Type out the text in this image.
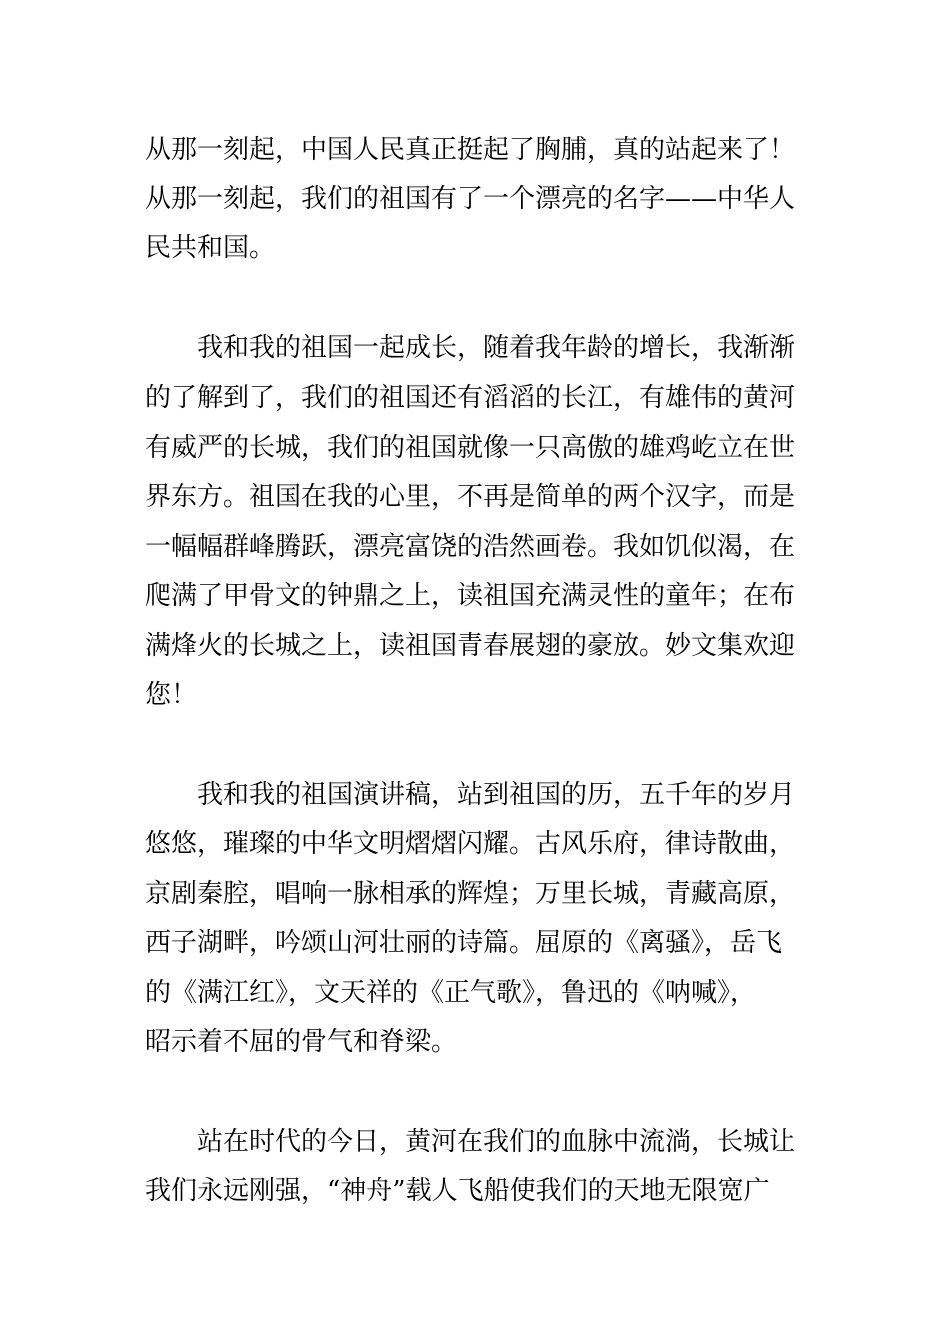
从那一刻起，中国人民真正挺起了胸脯，真的站起来了！

从那一刻起，我们的祖国有了一个漂亮的名字——中华人

民共和国。

我和我的祖国一起成长，随着我年龄的增长，我渐渐

的了解到了，我们的祖国还有滔滔的长江，有雄伟的黄河

有威严的长城，我们的祖国就像一只高傲的雄鸡屹立在世

界东方。祖国在我的心里，不再是简单的两个汉字，而是

一幅幅群峰腾跃，漂亮富饶的浩然画卷。我如饥似渴，在

爬满了甲骨文的钟鼎之上，读祖国充满灵性的童年；在布

满烽火的长城之上，读祖国青春展翅的豪放。妙文集欢迎

您！

我和我的祖国演讲稿，站到祖国的历，五千年的岁月

悠悠，璀璨的中华文明熠熠闪耀。古风乐府，律诗散曲，

京剧秦腔，唱响一脉相承的辉煌；万里长城，青藏高原，

西子湖畔，吟颂山河壮丽的诗篇。屈原的《离骚》，岳飞

的《满江红》，文天祥的《正气歌》，鲁迅的《呐喊》，

昭示着不屈的骨气和脊梁。

站在时代的今日，黄河在我们的血脉中流淌，长城让

我们永远刚强，“神舟”载人飞船使我们的天地无限宽广
